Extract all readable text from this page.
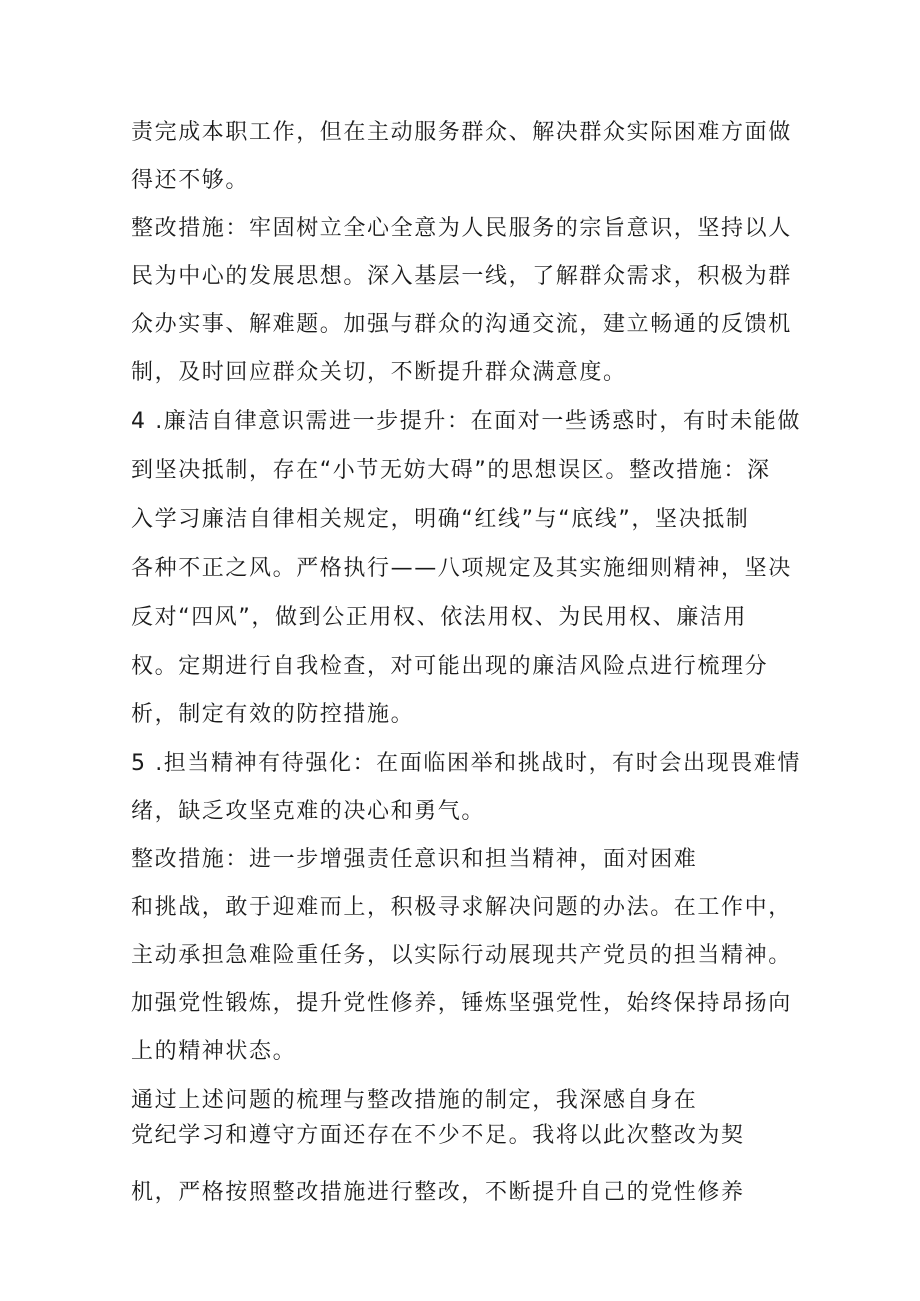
责完成本职工作，但在主动服务群众、解决群众实际困难方面做
得还不够。
整改措施：牢固树立全心全意为人民服务的宗旨意识，坚持以人
民为中心的发展思想。深入基层一线，了解群众需求，积极为群
众办实事、解难题。加强与群众的沟通交流，建立畅通的反馈机
制，及时回应群众关切，不断提升群众满意度。
4 .廉洁自律意识需进一步提升：在面对一些诱惑时，有时未能做
到坚决抵制，存在“小节无妨大碍”的思想误区。整改措施：深
入学习廉洁自律相关规定，明确“红线”与“底线”，坚决抵制
各种不正之风。严格执行——八项规定及其实施细则精神，坚决
反对“四风”，做到公正用权、依法用权、为民用权、廉洁用
权。定期进行自我检查，对可能出现的廉洁风险点进行梳理分
析，制定有效的防控措施。
5 .担当精神有待强化：在面临困举和挑战时，有时会出现畏难情
绪，缺乏攻坚克难的决心和勇气。
整改措施：进一步增强责任意识和担当精神，面对困难
和挑战，敢于迎难而上，积极寻求解决问题的办法。在工作中，
主动承担急难险重任务，以实际行动展现共产党员的担当精神。
加强党性锻炼，提升党性修养，锤炼坚强党性，始终保持昂扬向
上的精神状态。
通过上述问题的梳理与整改措施的制定，我深感自身在
党纪学习和遵守方面还存在不少不足。我将以此次整改为契
机，严格按照整改措施进行整改，不断提升自己的党性修养
